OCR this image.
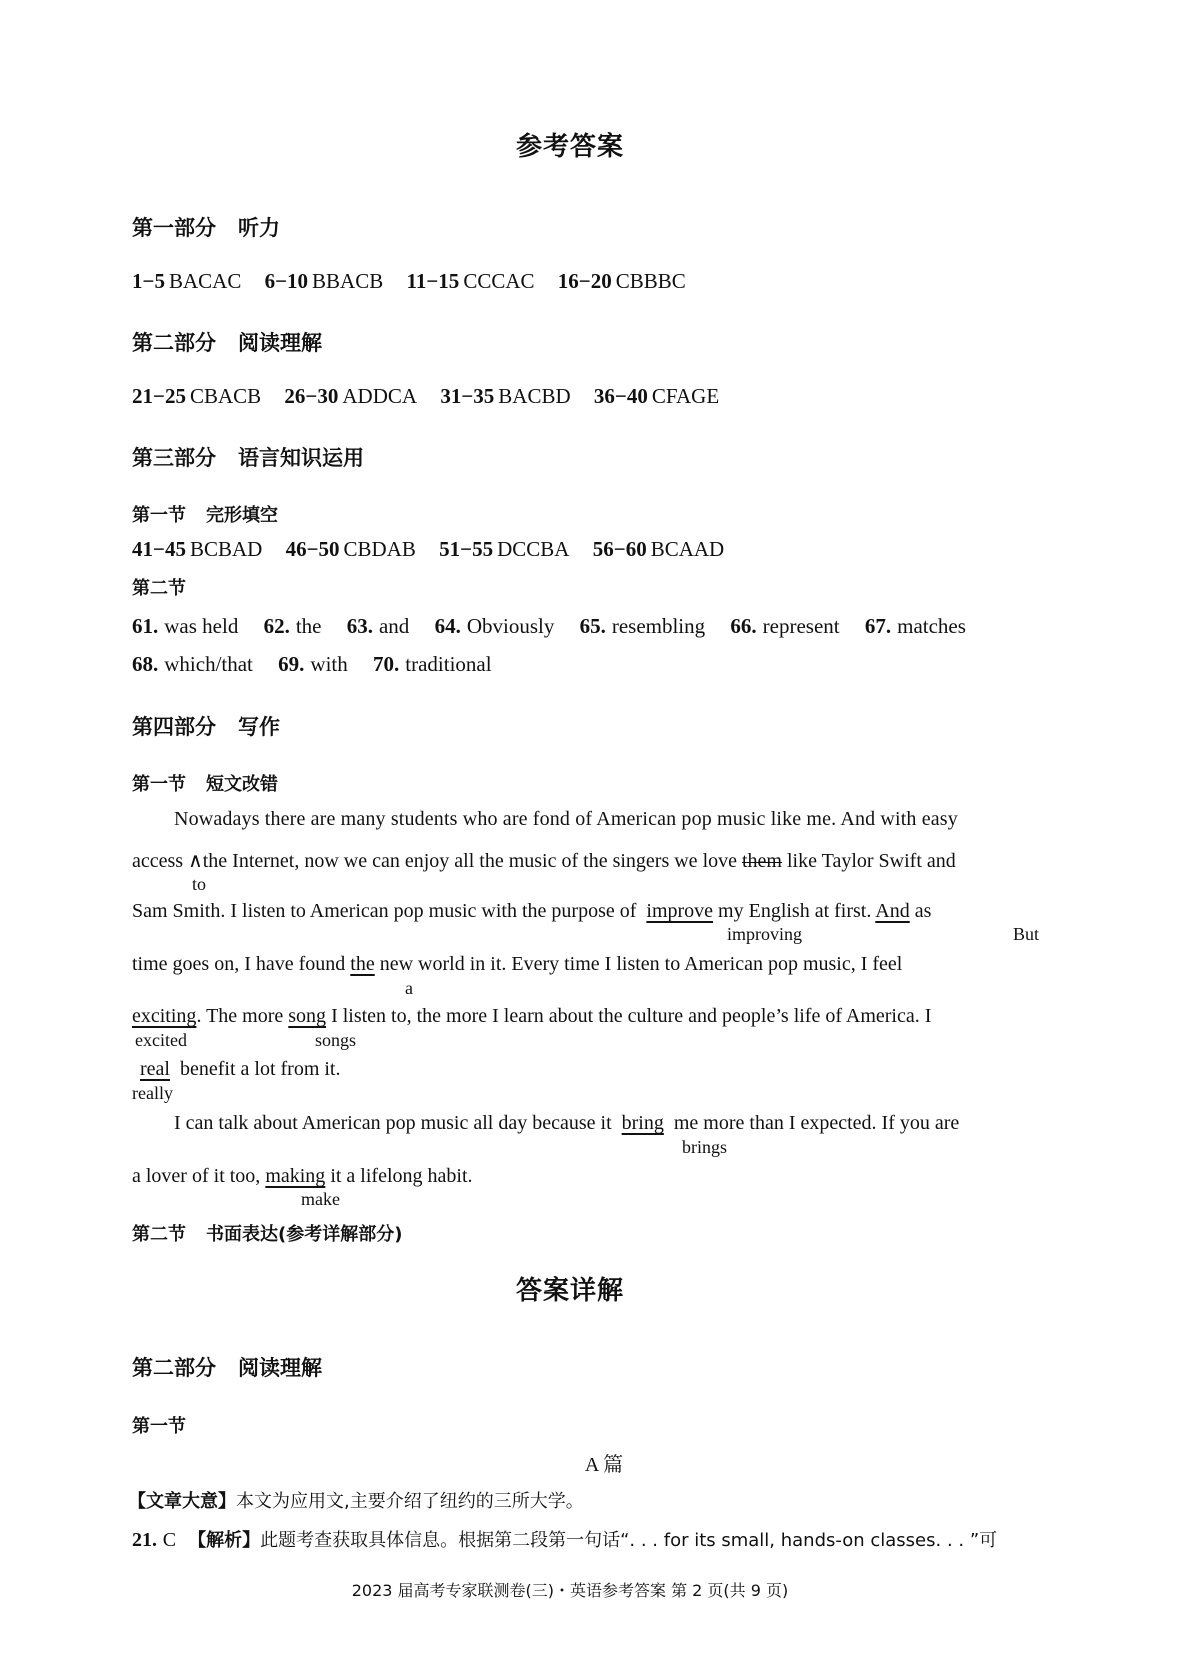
参考答案
第一部分 听力
1−5 BACAC 6−10 BBACB 11−15 CCCAC 16−20 CBBBC
第二部分 阅读理解
21−25 CBACB 26−30 ADDCA 31−35 BACBD 36−40 CFAGE
第三部分 语言知识运用
第一节 完形填空
41−45 BCBAD 46−50 CBDAB 51−55 DCCBA 56−60 BCAAD
第二节
61. was held 62. the 63. and 64. Obviously 65. resembling 66. represent 67. matches
68. which/that 69. with 70. traditional
第四部分 写作
第一节 短文改错
Nowadays there are many students who are fond of American pop music like me. And with easy
access ∧the Internet, now we can enjoy all the music of the singers we love them like Taylor Swift and
to
Sam Smith. I listen to American pop music with the purpose of improve my English at first. And as
improving	But
time goes on, I have found the new world in it. Every time I listen to American pop music, I feel
a
exciting. The more song I listen to, the more I learn about the culture and people’s life of America. I
excited	songs
real benefit a lot from it.
really
I can talk about American pop music all day because it bring me more than I expected. If you are
brings
a lover of it too, making it a lifelong habit.
make
第二节 书面表达(参考详解部分)
答案详解
第二部分 阅读理解
第一节
A 篇
【文章大意】本文为应用文,主要介绍了纽约的三所大学。
21. C 【解析】此题考查获取具体信息。根据第二段第一句话“. . . for its small, hands-on classes. . . ”可
2023 届高考专家联测卷(三)・英语参考答案 第 2 页(共 9 页)
